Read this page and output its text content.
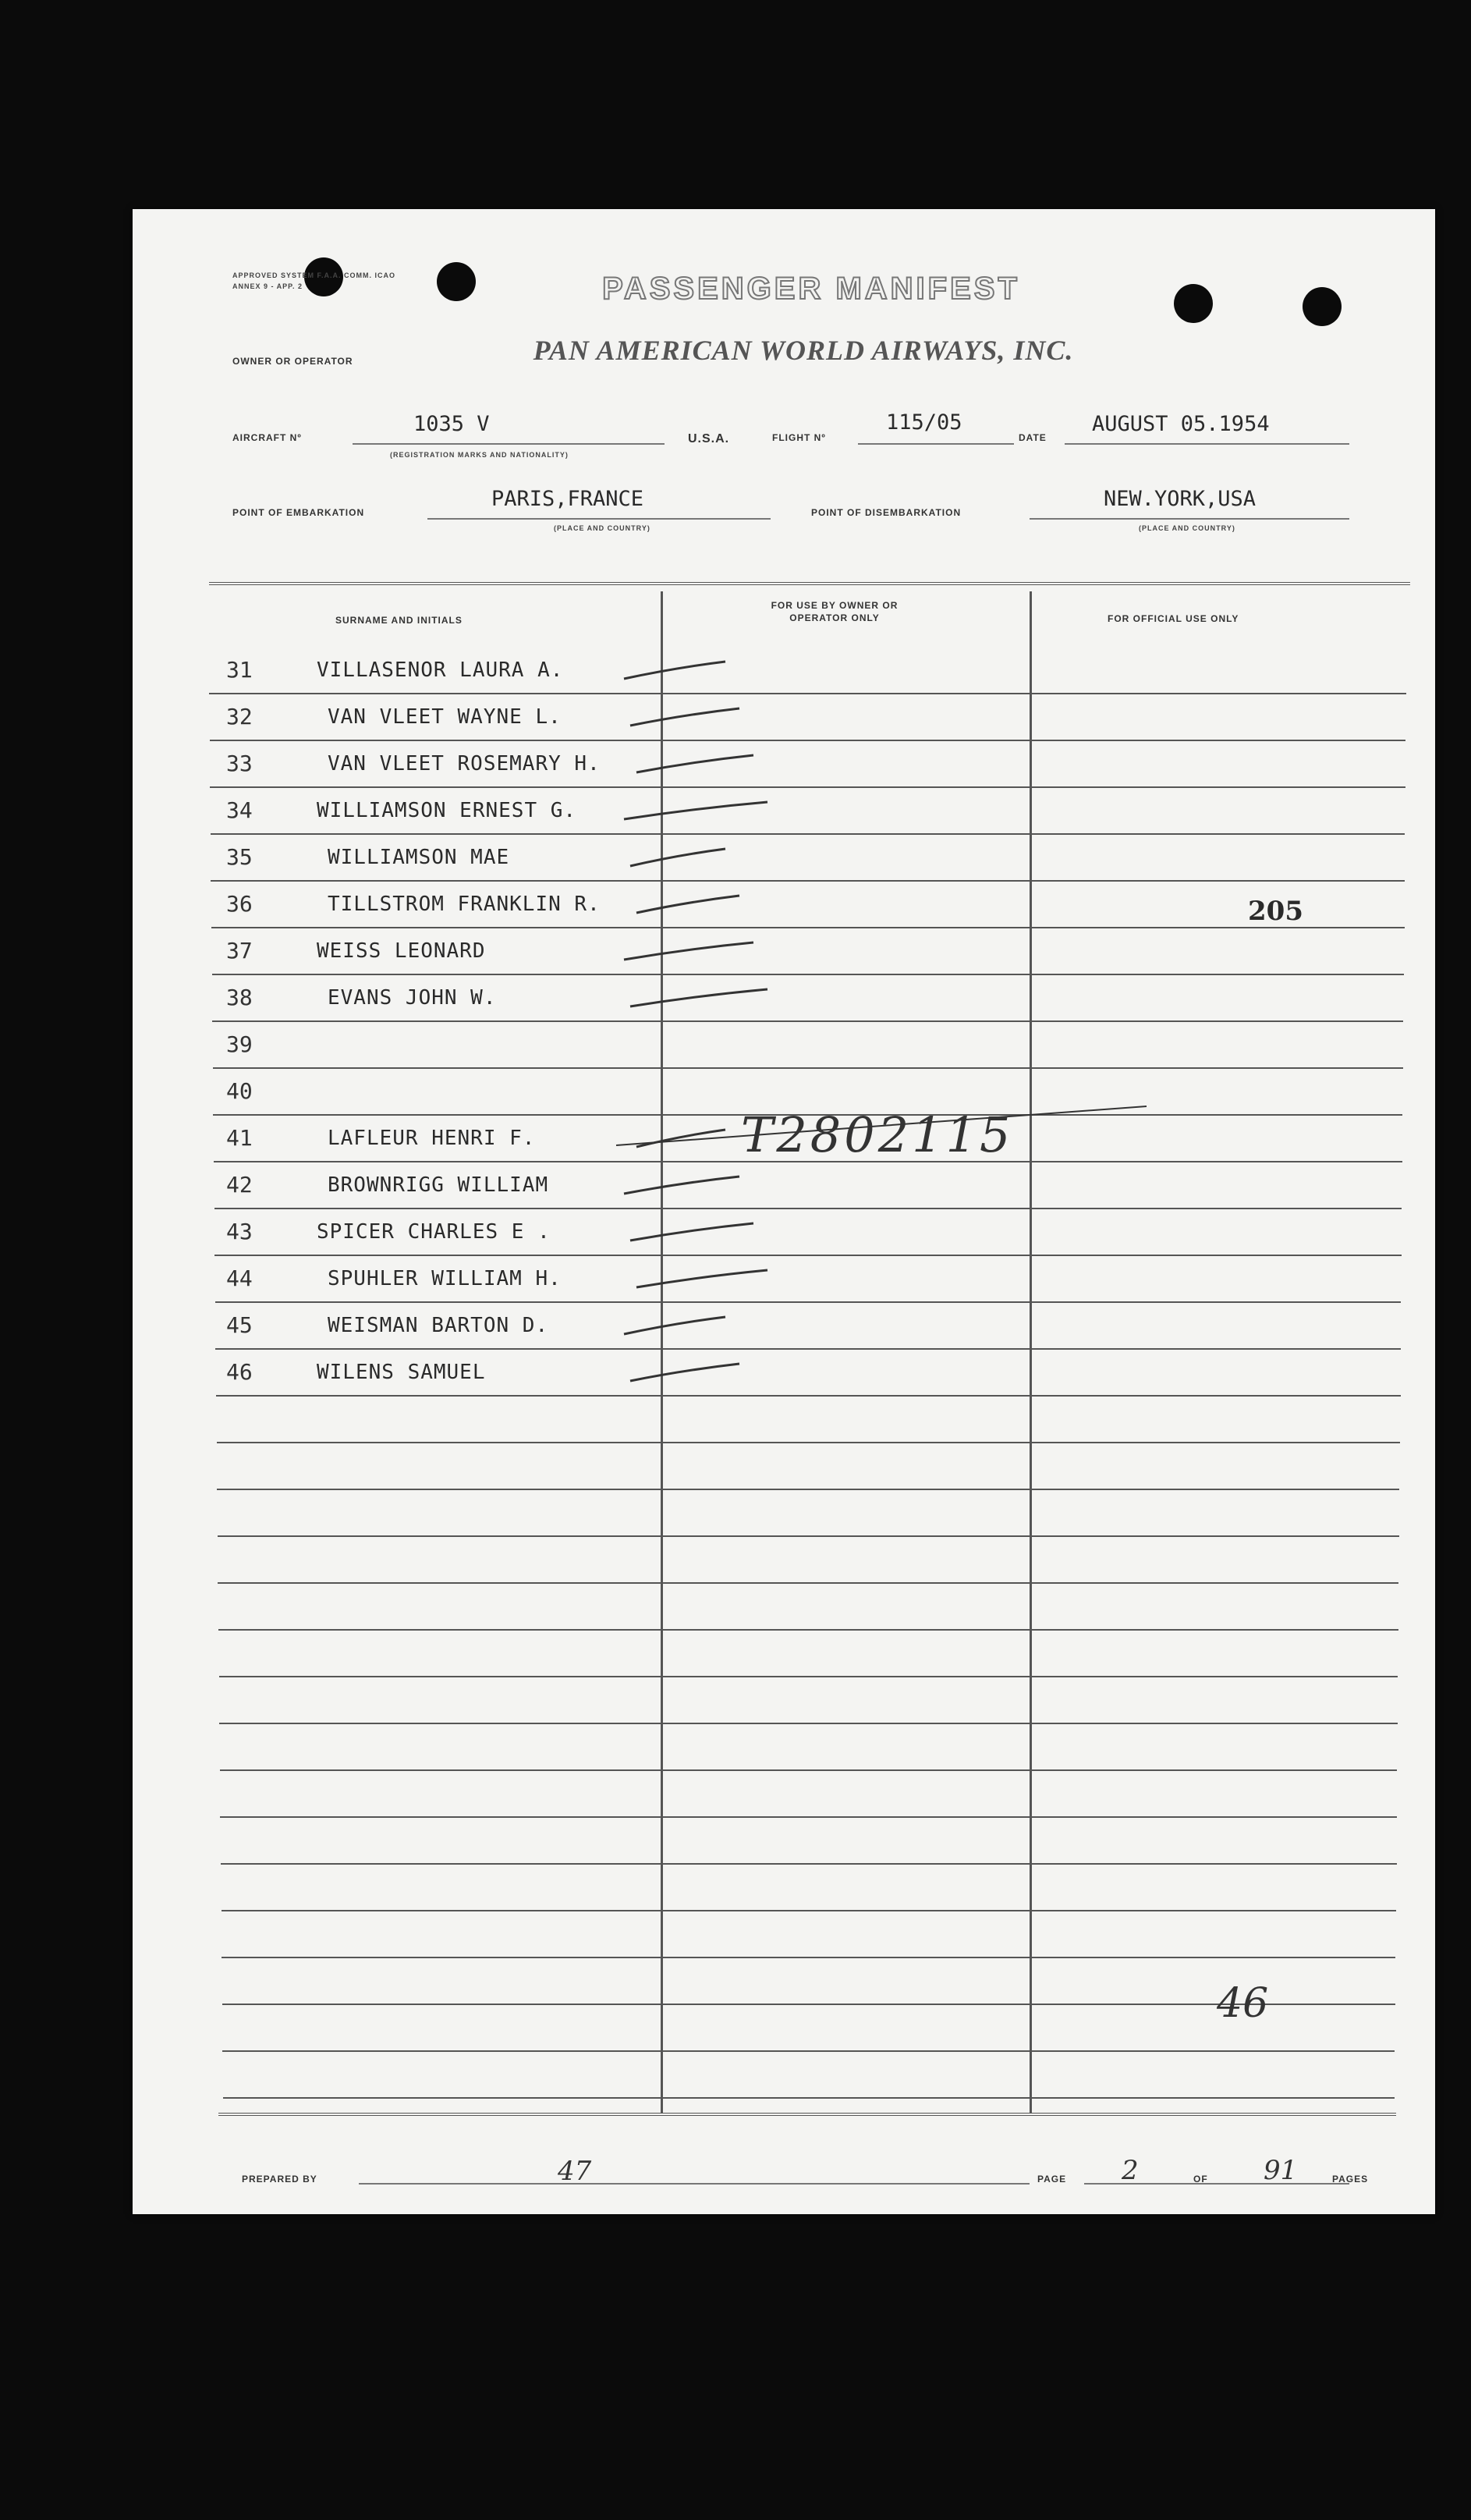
APPROVED SYSTEM F.A.A. COMM. ICAO ANNEX 9 - APP. 2	PASSENGER MANIFEST
OWNER OR OPERATOR	PAN AMERICAN WORLD AIRWAYS, INC.
AIRCRAFT Nº
1035 V
(REGISTRATION MARKS AND NATIONALITY)
U.S.A.	FLIGHT Nº
115/05
DATE
AUGUST 05.1954
POINT OF EMBARKATION
PARIS,FRANCE
(PLACE AND COUNTRY)
POINT OF DISEMBARKATION
NEW.YORK,USA
(PLACE AND COUNTRY)
SURNAME AND INITIALS
FOR USE BY OWNER OR OPERATOR ONLY	FOR OFFICIAL USE ONLY
31	VILLASENOR LAURA A.
32	VAN VLEET WAYNE L.
33	VAN VLEET ROSEMARY H.
34	WILLIAMSON ERNEST G.
35	WILLIAMSON MAE
36	TILLSTROM FRANKLIN R.
37	WEISS LEONARD
38	EVANS JOHN W.
39
40
41	LAFLEUR HENRI F.
42	BROWNRIGG WILLIAM
43	SPICER CHARLES E .
44	SPUHLER WILLIAM H.
45	WEISMAN BARTON D.
46	WILENS SAMUEL
205
T2802115
46
PREPARED BY	47	PAGE 2	OF 91	PAGES
